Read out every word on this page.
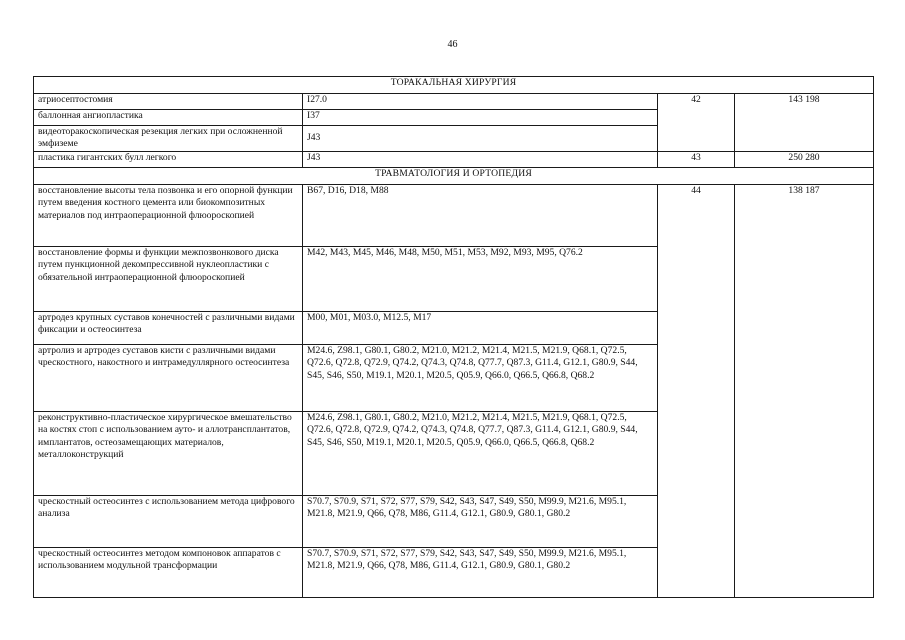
46
ТОРАКАЛЬНАЯ ХИРУРГИЯ			
атриосептостомия	I27.0	42	143 198
баллонная ангиопластика	I37		
видеоторакоскопическая резекция легких при осложненной эмфиземе	J43		
пластика гигантских булл легкого	J43	43	250 280
ТРАВМАТОЛОГИЯ И ОРТОПЕДИЯ			
восстановление высоты тела позвонка и его опорной функции путем введения костного цемента или биокомпозитных материалов под интраоперационной флюороскопией	B67, D16, D18, M88	44	138 187
восстановление формы и функции межпозвонкового диска путем пункционной декомпрессивной нуклеопластики с обязательной интраоперационной флюороскопией	M42, M43, M45, M46, M48, M50, M51, M53, M92, M93, M95, Q76.2		
артродез крупных суставов конечностей с различными видами фиксации и остеосинтеза	M00, M01, M03.0, M12.5, M17		
артролиз и артродез суставов кисти с различными видами чрескостного, накостного и интрамедуллярного остеосинтеза	M24.6, Z98.1, G80.1, G80.2, M21.0, M21.2, M21.4, M21.5, M21.9, Q68.1, Q72.5, Q72.6, Q72.8, Q72.9, Q74.2, Q74.3, Q74.8, Q77.7, Q87.3, G11.4, G12.1, G80.9, S44, S45, S46, S50, M19.1, M20.1, M20.5, Q05.9, Q66.0, Q66.5, Q66.8, Q68.2		
реконструктивно-пластическое хирургическое вмешательство на костях стоп с использованием ауто- и аллотрансплантатов, имплантатов, остеозамещающих материалов, металлоконструкций	M24.6, Z98.1, G80.1, G80.2, M21.0, M21.2, M21.4, M21.5, M21.9, Q68.1, Q72.5, Q72.6, Q72.8, Q72.9, Q74.2, Q74.3, Q74.8, Q77.7, Q87.3, G11.4, G12.1, G80.9, S44, S45, S46, S50, M19.1, M20.1, M20.5, Q05.9, Q66.0, Q66.5, Q66.8, Q68.2		
чрескостный остеосинтез с использованием метода цифрового анализа	S70.7, S70.9, S71, S72, S77, S79, S42, S43, S47, S49, S50, M99.9, M21.6, M95.1, M21.8, M21.9, Q66, Q78, M86, G11.4, G12.1, G80.9, G80.1, G80.2		
чрескостный остеосинтез методом компоновок аппаратов с использованием модульной трансформации	S70.7, S70.9, S71, S72, S77, S79, S42, S43, S47, S49, S50, M99.9, M21.6, M95.1, M21.8, M21.9, Q66, Q78, M86, G11.4, G12.1, G80.9, G80.1, G80.2		
